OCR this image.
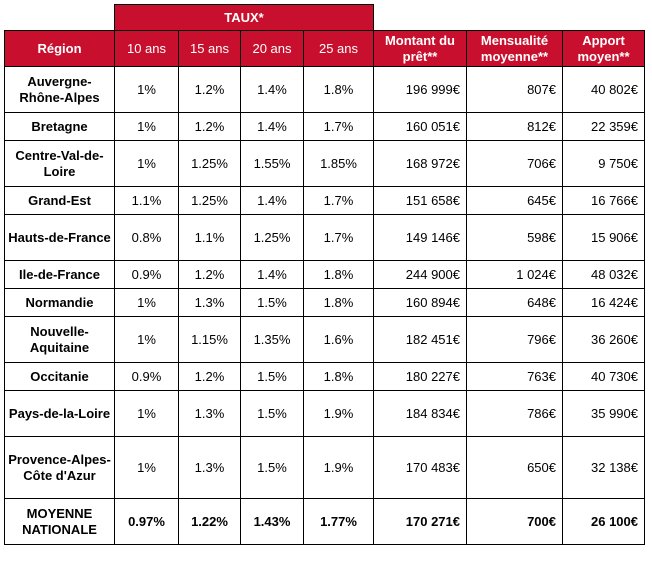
	TAUX*						
Région	10 ans	15 ans	20 ans	25 ans	Montant du prêt**	Mensualité moyenne**	Apport moyen**
Auvergne-Rhône-Alpes	1%	1.2%	1.4%	1.8%	196 999€	807€	40 802€
Bretagne	1%	1.2%	1.4%	1.7%	160 051€	812€	22 359€
Centre-Val-de-Loire	1%	1.25%	1.55%	1.85%	168 972€	706€	9 750€
Grand-Est	1.1%	1.25%	1.4%	1.7%	151 658€	645€	16 766€
Hauts-de-France	0.8%	1.1%	1.25%	1.7%	149 146€	598€	15 906€
Ile-de-France	0.9%	1.2%	1.4%	1.8%	244 900€	1 024€	48 032€
Normandie	1%	1.3%	1.5%	1.8%	160 894€	648€	16 424€
Nouvelle-Aquitaine	1%	1.15%	1.35%	1.6%	182 451€	796€	36 260€
Occitanie	0.9%	1.2%	1.5%	1.8%	180 227€	763€	40 730€
Pays-de-la-Loire	1%	1.3%	1.5%	1.9%	184 834€	786€	35 990€
Provence-Alpes-Côte d'Azur	1%	1.3%	1.5%	1.9%	170 483€	650€	32 138€
MOYENNE NATIONALE	0.97%	1.22%	1.43%	1.77%	170 271€	700€	26 100€
